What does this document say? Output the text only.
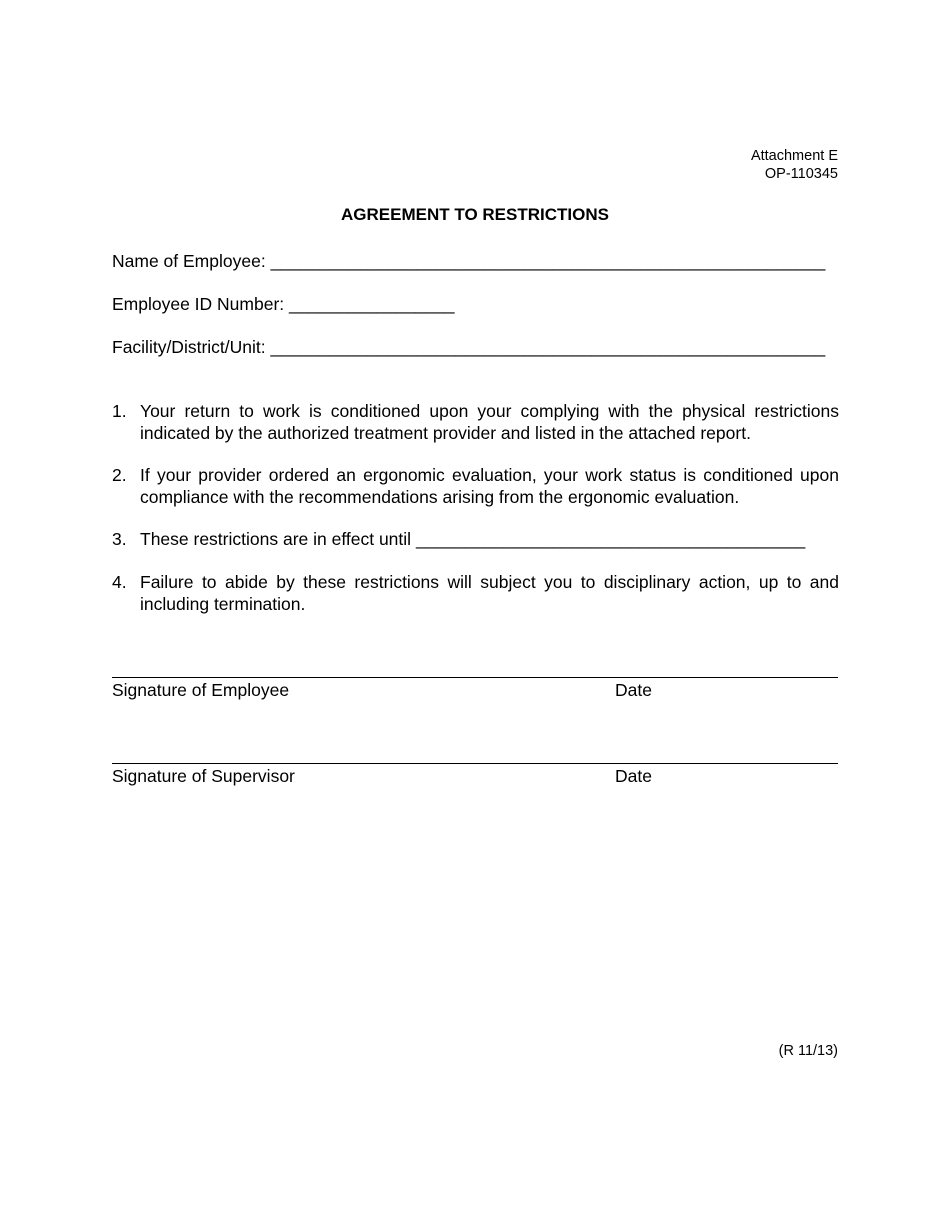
Attachment E
OP-110345
AGREEMENT TO RESTRICTIONS
Name of Employee: _________________________________________________________
Employee ID Number: _________________
Facility/District/Unit: _________________________________________________________
1. Your return to work is conditioned upon your complying with the physical restrictions indicated by the authorized treatment provider and listed in the attached report.
2. If your provider ordered an ergonomic evaluation, your work status is conditioned upon compliance with the recommendations arising from the ergonomic evaluation.
3. These restrictions are in effect until ________________________________________
4. Failure to abide by these restrictions will subject you to disciplinary action, up to and including termination.
Signature of Employee	Date
Signature of Supervisor	Date
(R 11/13)
